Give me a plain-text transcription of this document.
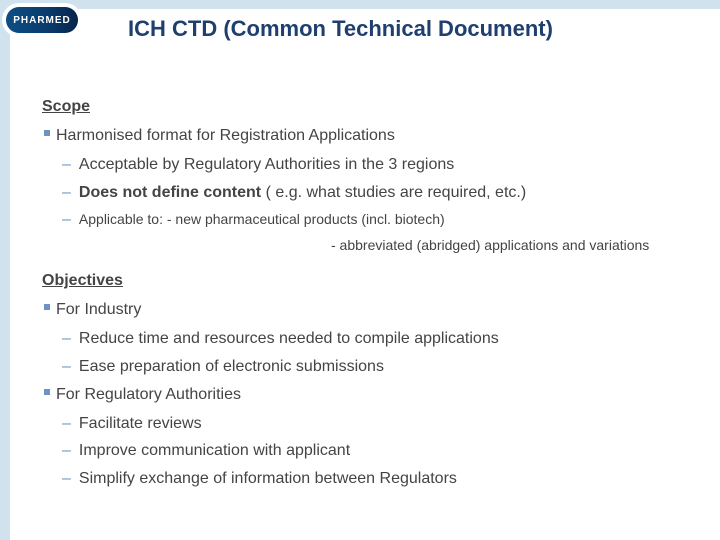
PHARMED	ICH CTD (Common Technical Document)
Scope
Harmonised format for Registration Applications
– Acceptable by Regulatory Authorities in the 3 regions
– Does not define content ( e.g. what studies are required, etc.)
– Applicable to: - new pharmaceutical products (incl. biotech)
- abbreviated (abridged) applications and variations
Objectives
For Industry
– Reduce time and resources needed to compile applications
– Ease preparation of electronic submissions
For Regulatory Authorities
– Facilitate reviews
– Improve communication with applicant
– Simplify exchange of information between Regulators
